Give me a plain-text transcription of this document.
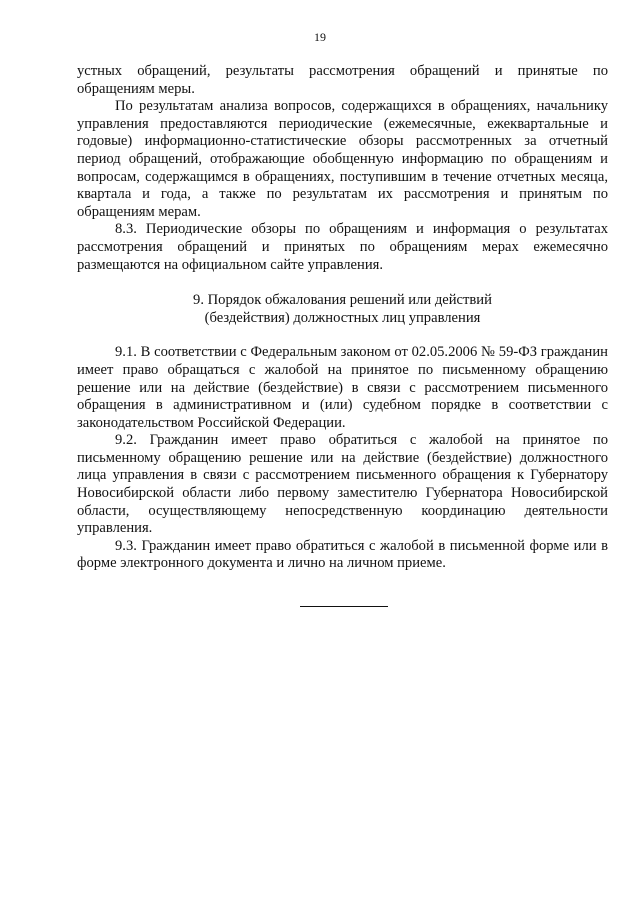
19

устных обращений, результаты рассмотрения обращений и принятые по обращениям меры.

По результатам анализа вопросов, содержащихся в обращениях, начальнику управления предоставляются периодические (ежемесячные, ежеквартальные и годовые) информационно-статистические обзоры рассмотренных за отчетный период обращений, отображающие обобщенную информацию по обращениям и вопросам, содержащимся в обращениях, поступившим в течение отчетных месяца, квартала и года, а также по результатам их рассмотрения и принятым по обращениям мерам.

8.3. Периодические обзоры по обращениям и информация о результатах рассмотрения обращений и принятых по обращениям мерах ежемесячно размещаются на официальном сайте управления.

9. Порядок обжалования решений или действий

(бездействия) должностных лиц управления

9.1. В соответствии с Федеральным законом от 02.05.2006 № 59-ФЗ гражданин имеет право обращаться с жалобой на принятое по письменному обращению решение или на действие (бездействие) в связи с рассмотрением письменного обращения в административном и (или) судебном порядке в соответствии с законодательством Российской Федерации.

9.2. Гражданин имеет право обратиться с жалобой на принятое по письменному обращению решение или на действие (бездействие) должностного лица управления в связи с рассмотрением письменного обращения к Губернатору Новосибирской области либо первому заместителю Губернатора Новосибирской области, осуществляющему непосредственную координацию деятельности управления.

9.3. Гражданин имеет право обратиться с жалобой в письменной форме или в форме электронного документа и лично на личном приеме.
